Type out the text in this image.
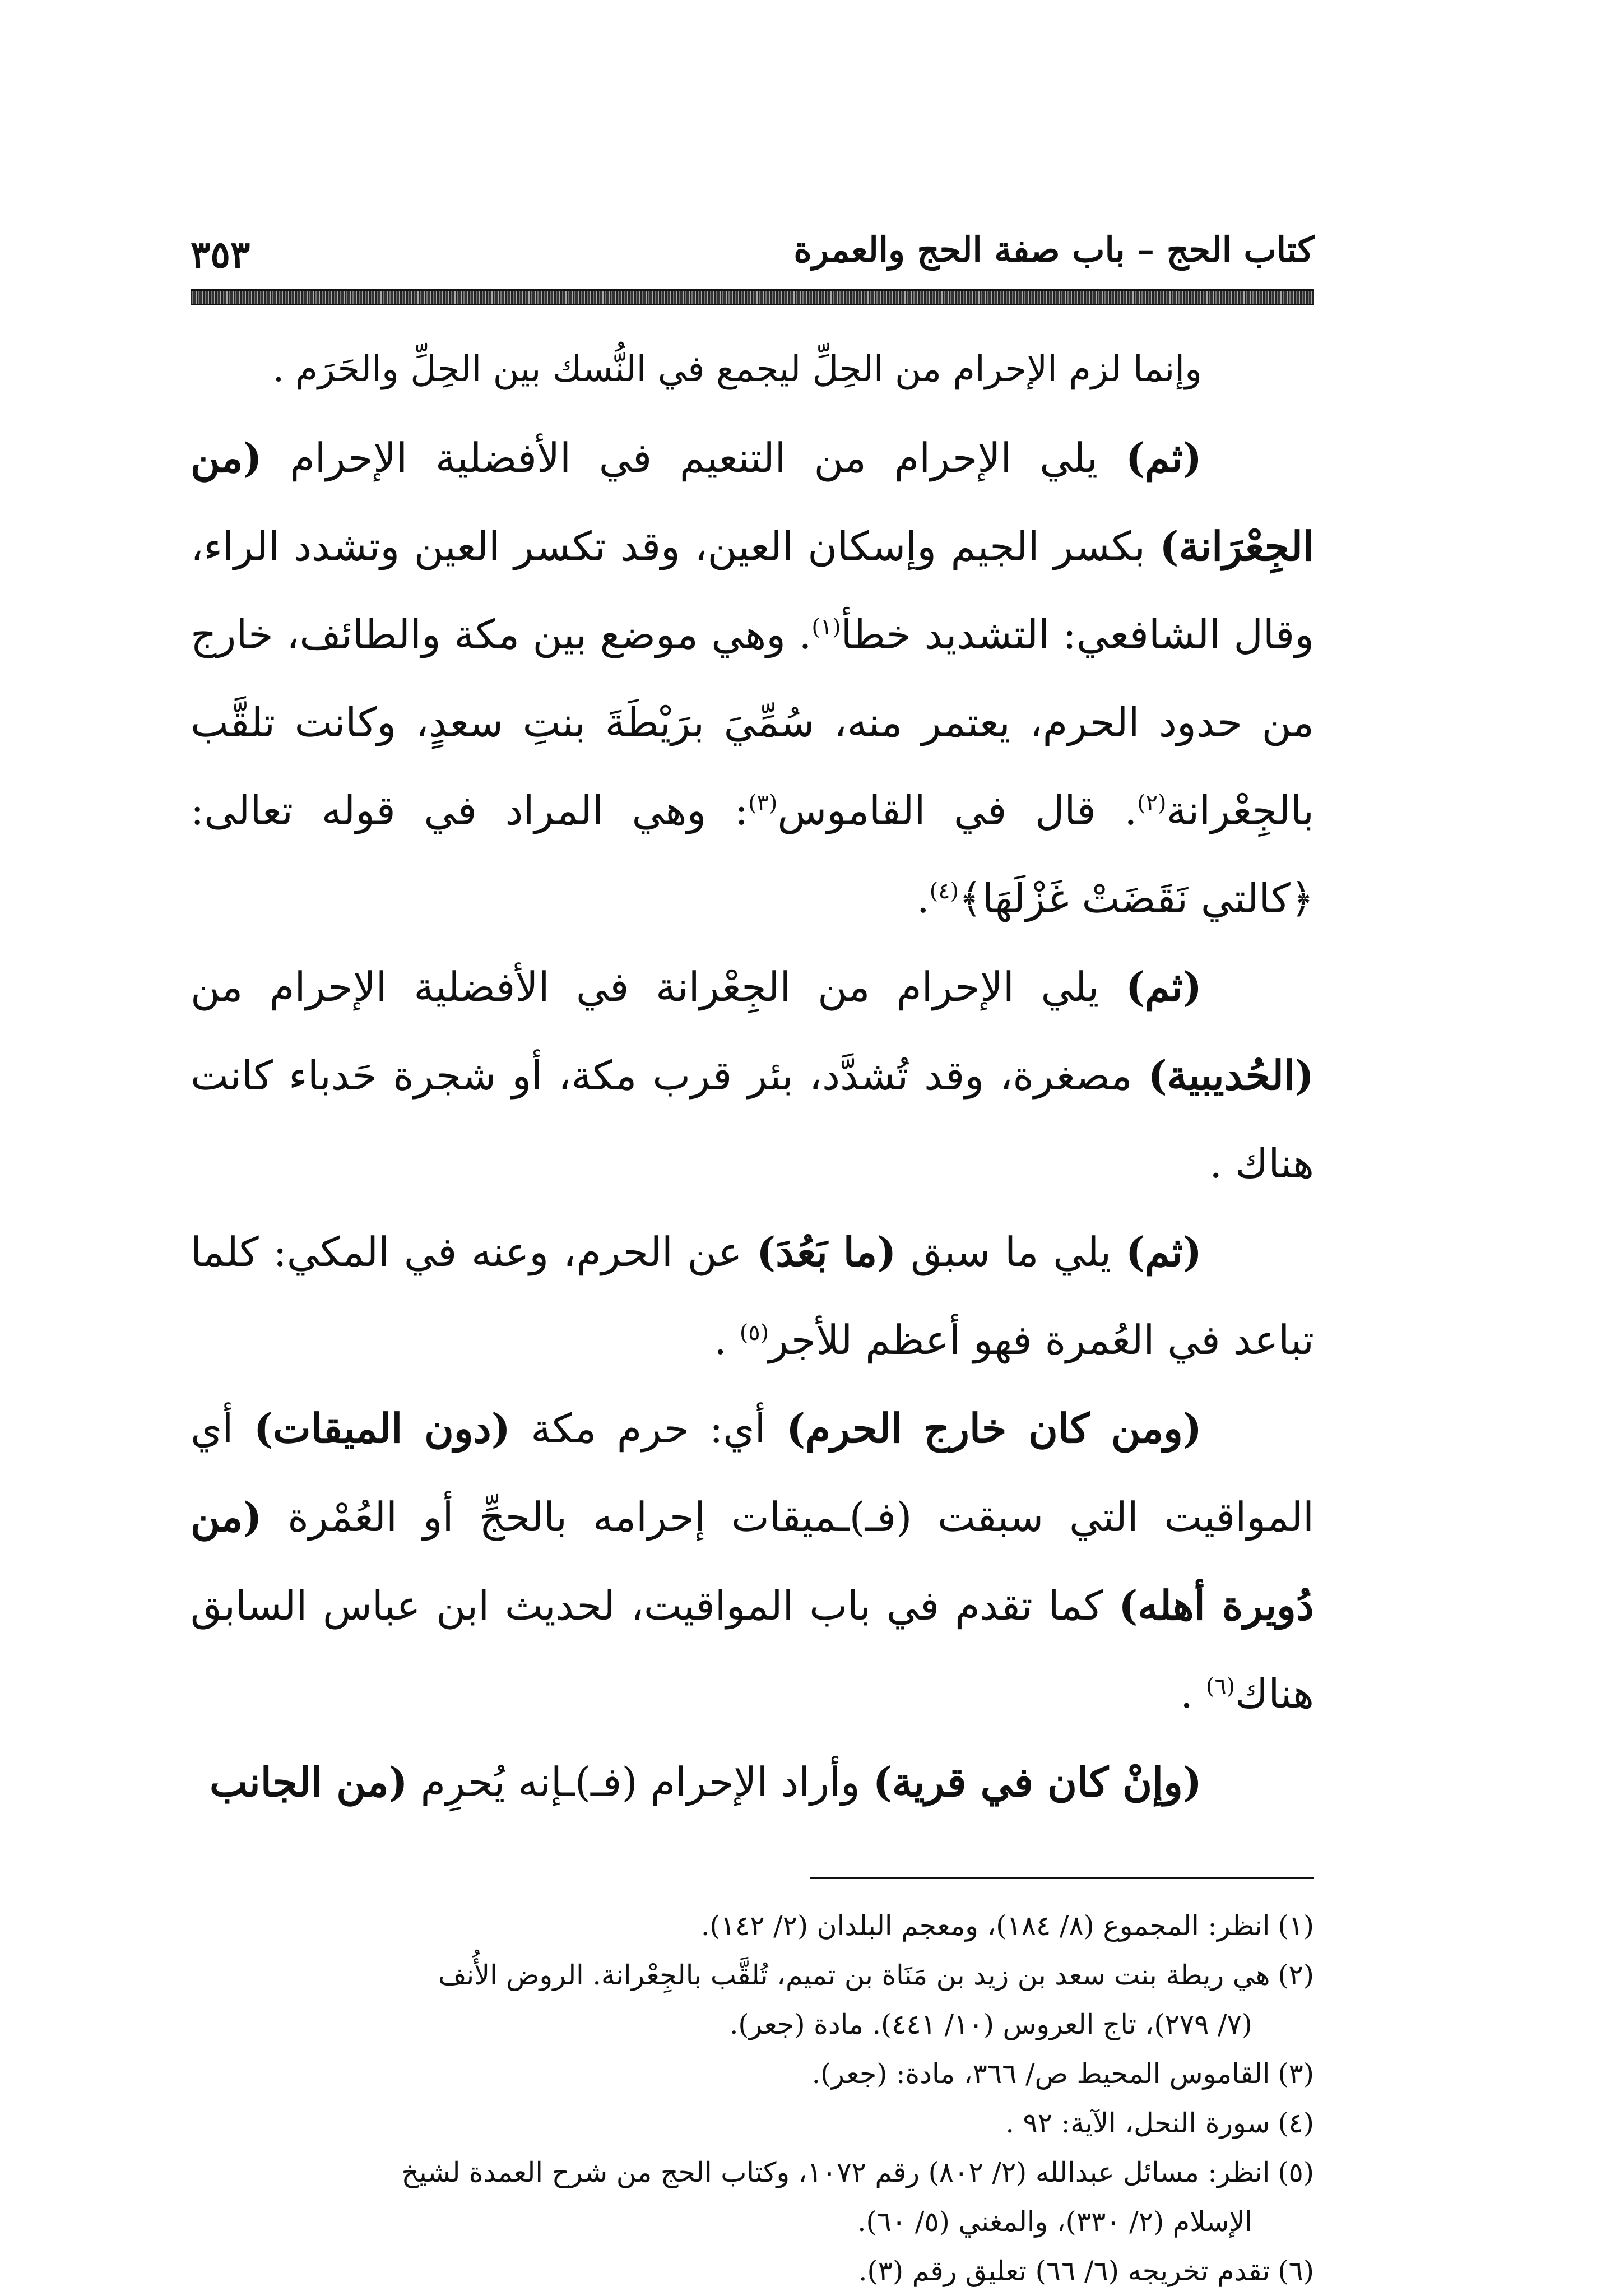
كتاب الحج – باب صفة الحج والعمرة
٣٥٣

وإنما لزم الإحرام من الحِلِّ ليجمع في النُّسك بين الحِلِّ والحَرَم .

(ثم) يلي الإحرام من التنعيم في الأفضلية الإحرام (من الجِعْرَانة) بكسر الجيم وإسكان العين، وقد تكسر العين وتشدد الراء، وقال الشافعي: التشديد خطأ$^{(١)}$. وهي موضع بين مكة والطائف، خارج من حدود الحرم، يعتمر منه، سُمِّيَ برَيْطَةَ بنتِ سعدٍ، وكانت تلقَّب بالجِعْرانة$^{(٢)}$. قال في القاموس$^{(٣)}$: وهي المراد في قوله تعالى: ﴿كالتي نَقَضَتْ غَزْلَهَا﴾$^{(٤)}$.

(ثم) يلي الإحرام من الجِعْرانة في الأفضلية الإحرام من (الحُديبية) مصغرة، وقد تُشدَّد، بئر قرب مكة، أو شجرة حَدباء كانت هناك .

(ثم) يلي ما سبق (ما بَعُدَ) عن الحرم، وعنه في المكي: كلما تباعد في العُمرة فهو أعظم للأجر$^{(٥)}$ .

(ومن كان خارج الحرم) أي: حرم مكة (دون الميقات) أي المواقيت التي سبقت (فـ)ـميقات إحرامه بالحجِّ أو العُمْرة (من دُويرة أهله) كما تقدم في باب المواقيت، لحديث ابن عباس السابق هناك$^{(٦)}$ .

(وإنْ كان في قرية) وأراد الإحرام (فـ)ـإنه يُحرِم (من الجانب

(١)انظر: المجموع (٨/ ١٨٤)، ومعجم البلدان (٢/ ١٤٢).

(٢)هي ريطة بنت سعد بن زيد بن مَنَاة بن تميم، تُلقَّب بالجِعْرانة. الروض الأُنف

(٧/ ٢٧٩)، تاج العروس (١٠/ ٤٤١). مادة (جعر).

(٣)القاموس المحيط ص/ ٣٦٦، مادة: (جعر).

(٤)سورة النحل، الآية: ٩٢ .

(٥)انظر: مسائل عبدالله (٢/ ٨٠٢) رقم ١٠٧٢، وكتاب الحج من شرح العمدة لشيخ

الإسلام (٢/ ٣٣٠)، والمغني (٥/ ٦٠).

(٦)تقدم تخريجه (٦/ ٦٦) تعليق رقم (٣).
